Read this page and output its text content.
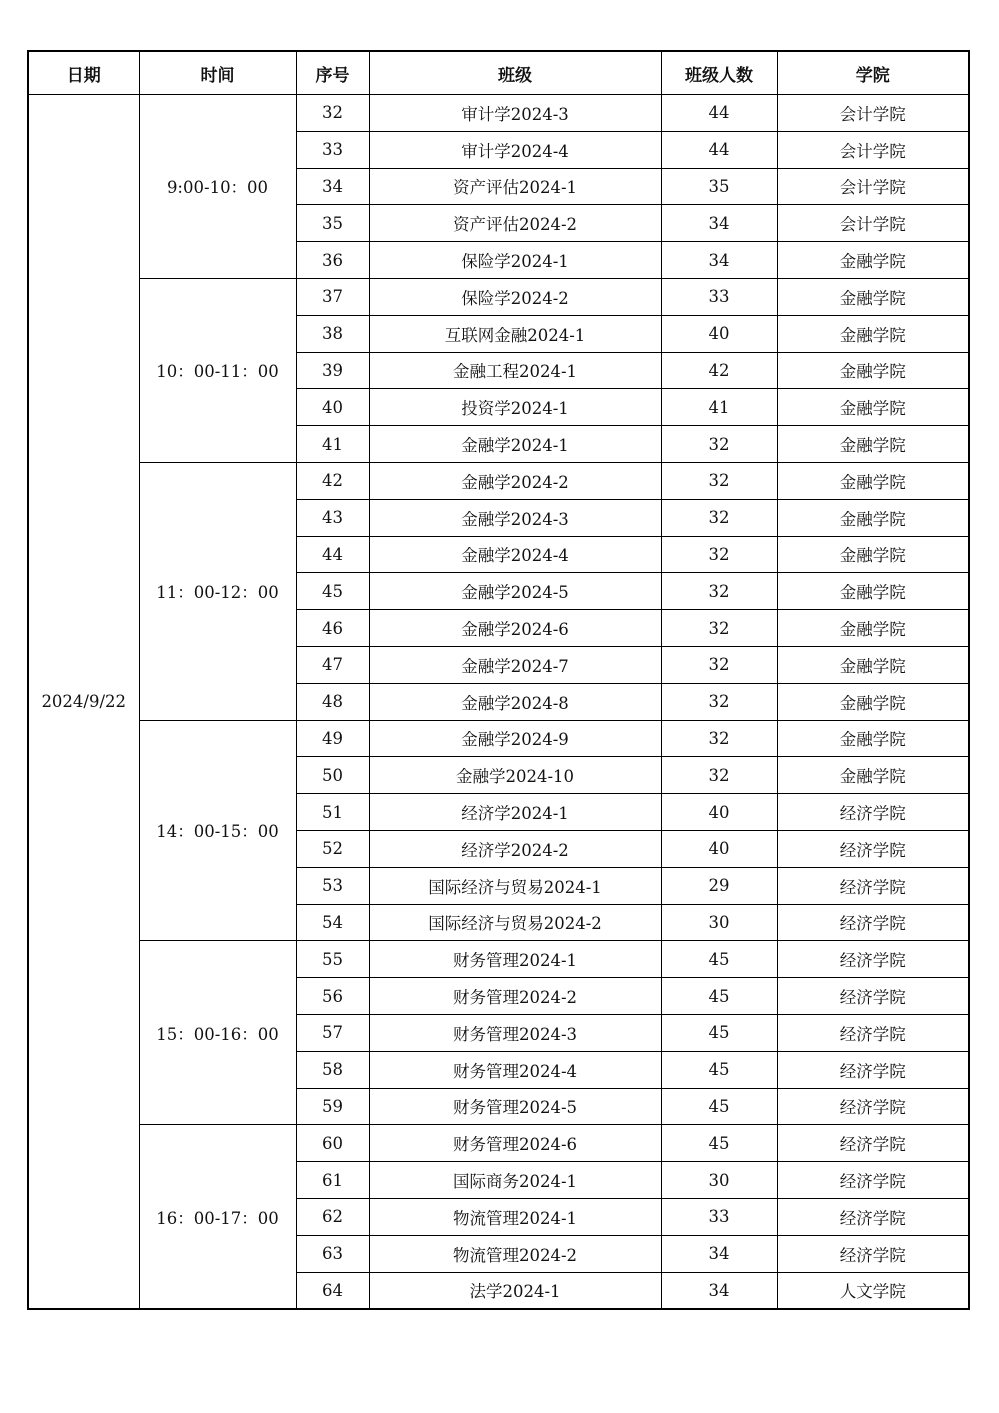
日期	时间	序号	班级	班级人数	学院
2024/9/22	9:00-10：00	32	审计学2024-3	44	会计学院
		33	审计学2024-4	44	会计学院
		34	资产评估2024-1	35	会计学院
		35	资产评估2024-2	34	会计学院
		36	保险学2024-1	34	金融学院
	10：00-11：00	37	保险学2024-2	33	金融学院
		38	互联网金融2024-1	40	金融学院
		39	金融工程2024-1	42	金融学院
		40	投资学2024-1	41	金融学院
		41	金融学2024-1	32	金融学院
	11：00-12：00	42	金融学2024-2	32	金融学院
		43	金融学2024-3	32	金融学院
		44	金融学2024-4	32	金融学院
		45	金融学2024-5	32	金融学院
		46	金融学2024-6	32	金融学院
		47	金融学2024-7	32	金融学院
		48	金融学2024-8	32	金融学院
	14：00-15：00	49	金融学2024-9	32	金融学院
		50	金融学2024-10	32	金融学院
		51	经济学2024-1	40	经济学院
		52	经济学2024-2	40	经济学院
		53	国际经济与贸易2024-1	29	经济学院
		54	国际经济与贸易2024-2	30	经济学院
	15：00-16：00	55	财务管理2024-1	45	经济学院
		56	财务管理2024-2	45	经济学院
		57	财务管理2024-3	45	经济学院
		58	财务管理2024-4	45	经济学院
		59	财务管理2024-5	45	经济学院
	16：00-17：00	60	财务管理2024-6	45	经济学院
		61	国际商务2024-1	30	经济学院
		62	物流管理2024-1	33	经济学院
		63	物流管理2024-2	34	经济学院
		64	法学2024-1	34	人文学院
